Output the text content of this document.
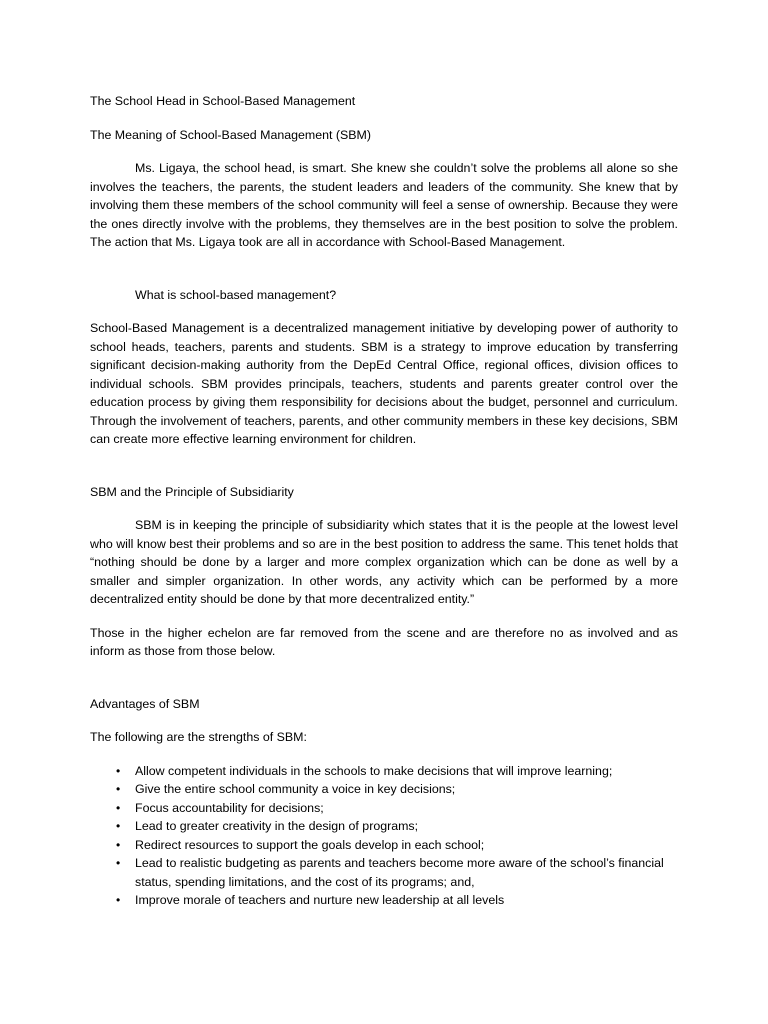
The School Head in School-Based Management

The Meaning of School-Based Management (SBM)

Ms. Ligaya, the school head, is smart. She knew she couldn’t solve the problems all alone so she involves the teachers, the parents, the student leaders and leaders of the community. She knew that by involving them these members of the school community will feel a sense of ownership. Because they were the ones directly involve with the problems, they themselves are in the best position to solve the problem. The action that Ms. Ligaya took are all in accordance with School-Based Management.

What is school-based management?

School-Based Management is a decentralized management initiative by developing power of authority to school heads, teachers, parents and students. SBM is a strategy to improve education by transferring significant decision-making authority from the DepEd Central Office, regional offices, division offices to individual schools. SBM provides principals, teachers, students and parents greater control over the education process by giving them responsibility for decisions about the budget, personnel and curriculum. Through the involvement of teachers, parents, and other community members in these key decisions, SBM can create more effective learning environment for children.

SBM and the Principle of Subsidiarity

SBM is in keeping the principle of subsidiarity which states that it is the people at the lowest level who will know best their problems and so are in the best position to address the same. This tenet holds that “nothing should be done by a larger and more complex organization which can be done as well by a smaller and simpler organization. In other words, any activity which can be performed by a more decentralized entity should be done by that more decentralized entity.”

Those in the higher echelon are far removed from the scene and are therefore no as involved and as inform as those from those below.

Advantages of SBM

The following are the strengths of SBM:

• Allow competent individuals in the schools to make decisions that will improve learning;
• Give the entire school community a voice in key decisions;
• Focus accountability for decisions;
• Lead to greater creativity in the design of programs;
• Redirect resources to support the goals develop in each school;
• Lead to realistic budgeting as parents and teachers become more aware of the school’s financial status, spending limitations, and the cost of its programs; and,
• Improve morale of teachers and nurture new leadership at all levels
